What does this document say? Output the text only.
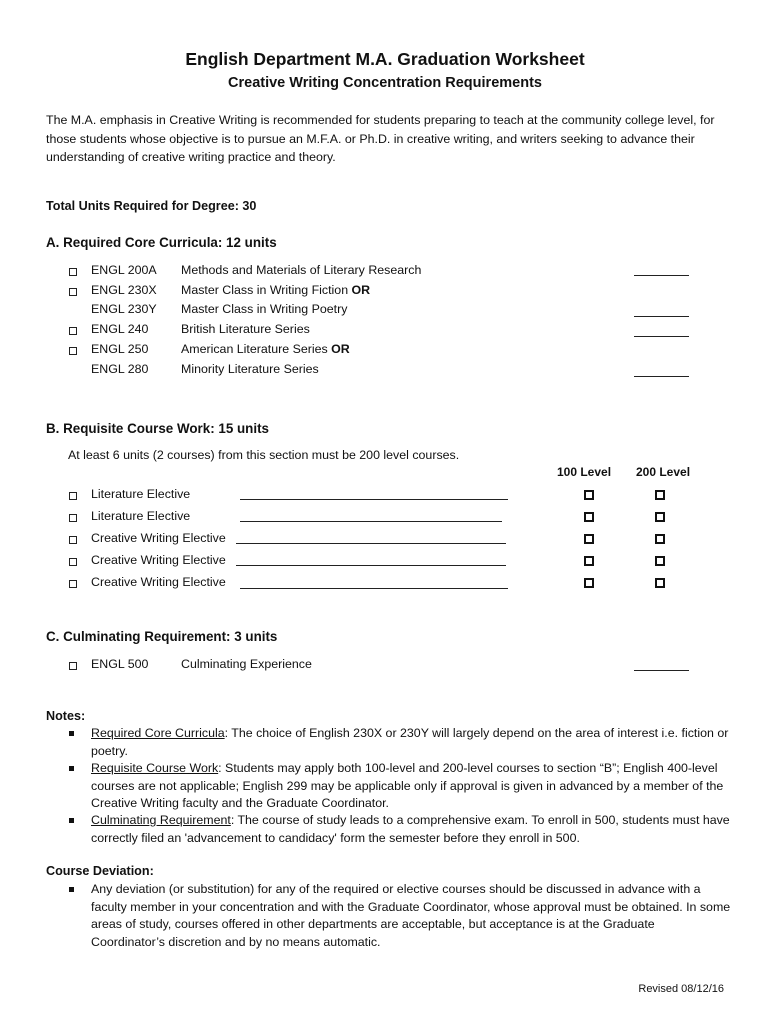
English Department M.A. Graduation Worksheet
Creative Writing Concentration Requirements
The M.A. emphasis in Creative Writing is recommended for students preparing to teach at the community college level, for those students whose objective is to pursue an M.F.A. or Ph.D. in creative writing, and writers seeking to advance their understanding of creative writing practice and theory.
Total Units Required for Degree: 30
A. Required Core Curricula: 12 units
ENGL 200A Methods and Materials of Literary Research
ENGL 230X Master Class in Writing Fiction OR
ENGL 230Y Master Class in Writing Poetry
ENGL 240	British Literature Series
ENGL 250	American Literature Series OR
ENGL 280	Minority Literature Series
B. Requisite Course Work: 15 units
At least 6 units (2 courses) from this section must be 200 level courses.
100 Level 200 Level
Literature Elective
Literature Elective
Creative Writing Elective
Creative Writing Elective
Creative Writing Elective
C. Culminating Requirement: 3 units
ENGL 500	Culminating Experience
Notes:
Required Core Curricula: The choice of English 230X or 230Y will largely depend on the area of interest i.e. fiction or poetry.
Requisite Course Work: Students may apply both 100-level and 200-level courses to section “B”; English 400-level courses are not applicable; English 299 may be applicable only if approval is given in advanced by a member of the Creative Writing faculty and the Graduate Coordinator.
Culminating Requirement: The course of study leads to a comprehensive exam. To enroll in 500, students must have correctly filed an 'advancement to candidacy' form the semester before they enroll in 500.
Course Deviation:
Any deviation (or substitution) for any of the required or elective courses should be discussed in advance with a faculty member in your concentration and with the Graduate Coordinator, whose approval must be obtained. In some areas of study, courses offered in other departments are acceptable, but acceptance is at the Graduate Coordinator’s discretion and by no means automatic.
Revised 08/12/16
